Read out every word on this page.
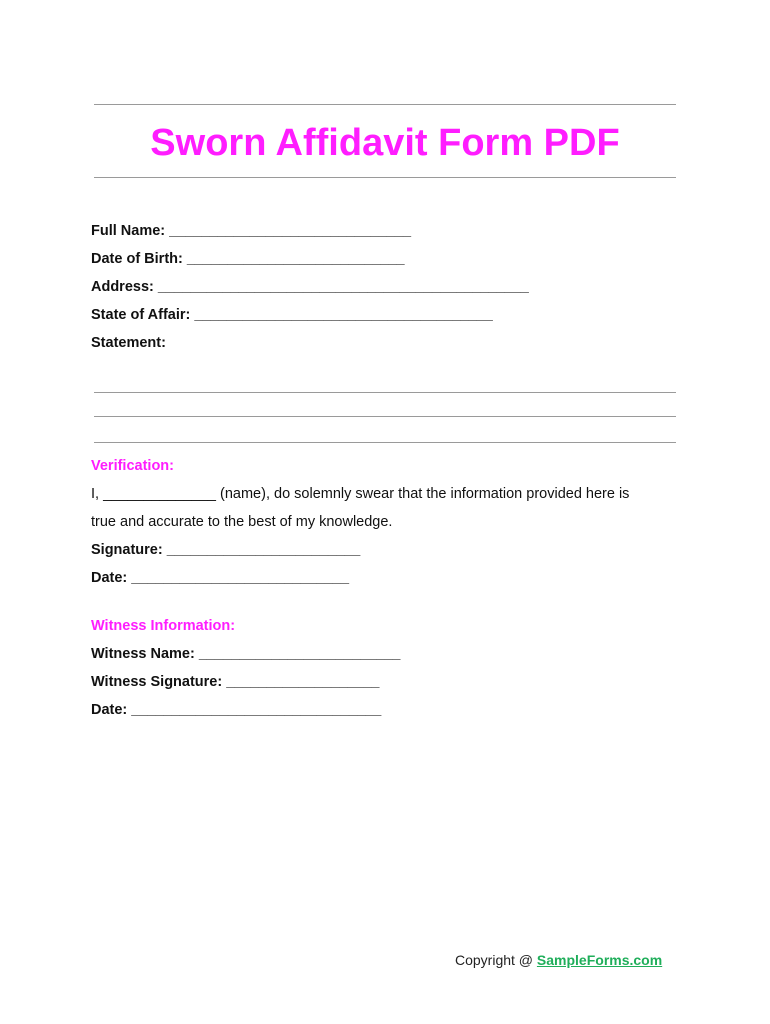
Sworn Affidavit Form PDF
Full Name: ______________________________
Date of Birth: ___________________________
Address: ______________________________________________
State of Affair: _____________________________________
Statement:
Verification:
I, ______________ (name), do solemnly swear that the information provided here is
true and accurate to the best of my knowledge.
Signature: ________________________
Date: ___________________________
Witness Information:
Witness Name: _________________________
Witness Signature: ___________________
Date: _______________________________
Copyright @ SampleForms.com
